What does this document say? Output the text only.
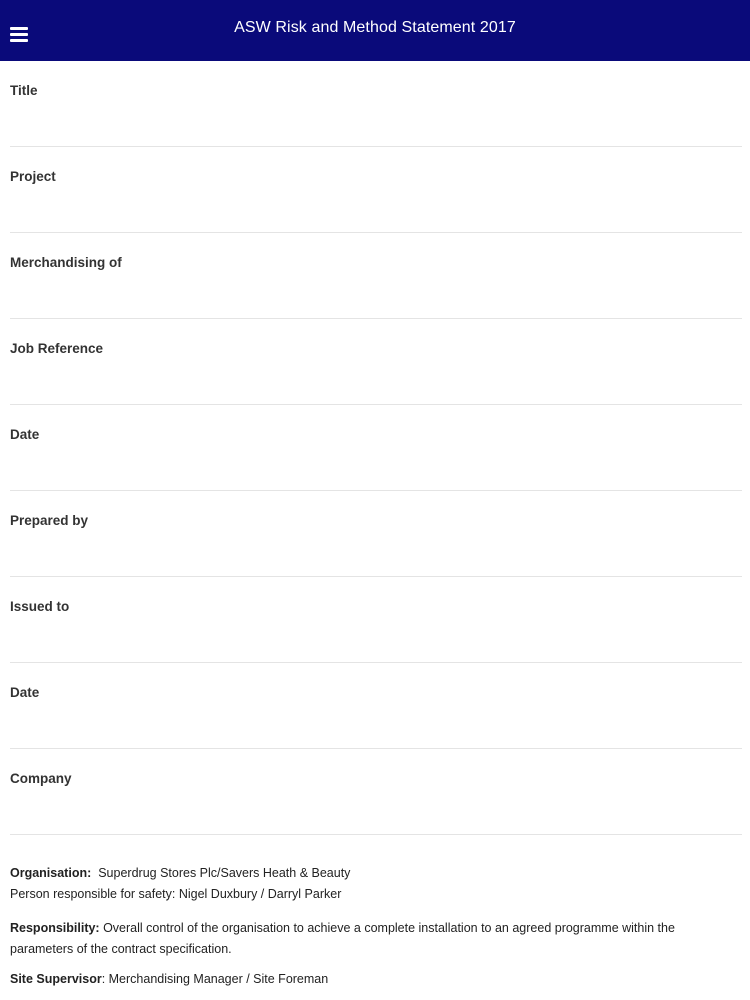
ASW Risk and Method Statement 2017
Title
Project
Merchandising of
Job Reference
Date
Prepared by
Issued to
Date
Company

Organisation: Superdrug Stores Plc/Savers Heath & Beauty

Person responsible for safety: Nigel Duxbury / Darryl Parker

Responsibility: Overall control of the organisation to achieve a complete installation to an agreed programme within the parameters of the contract specification.

Site Supervisor: Merchandising Manager / Site Foreman
